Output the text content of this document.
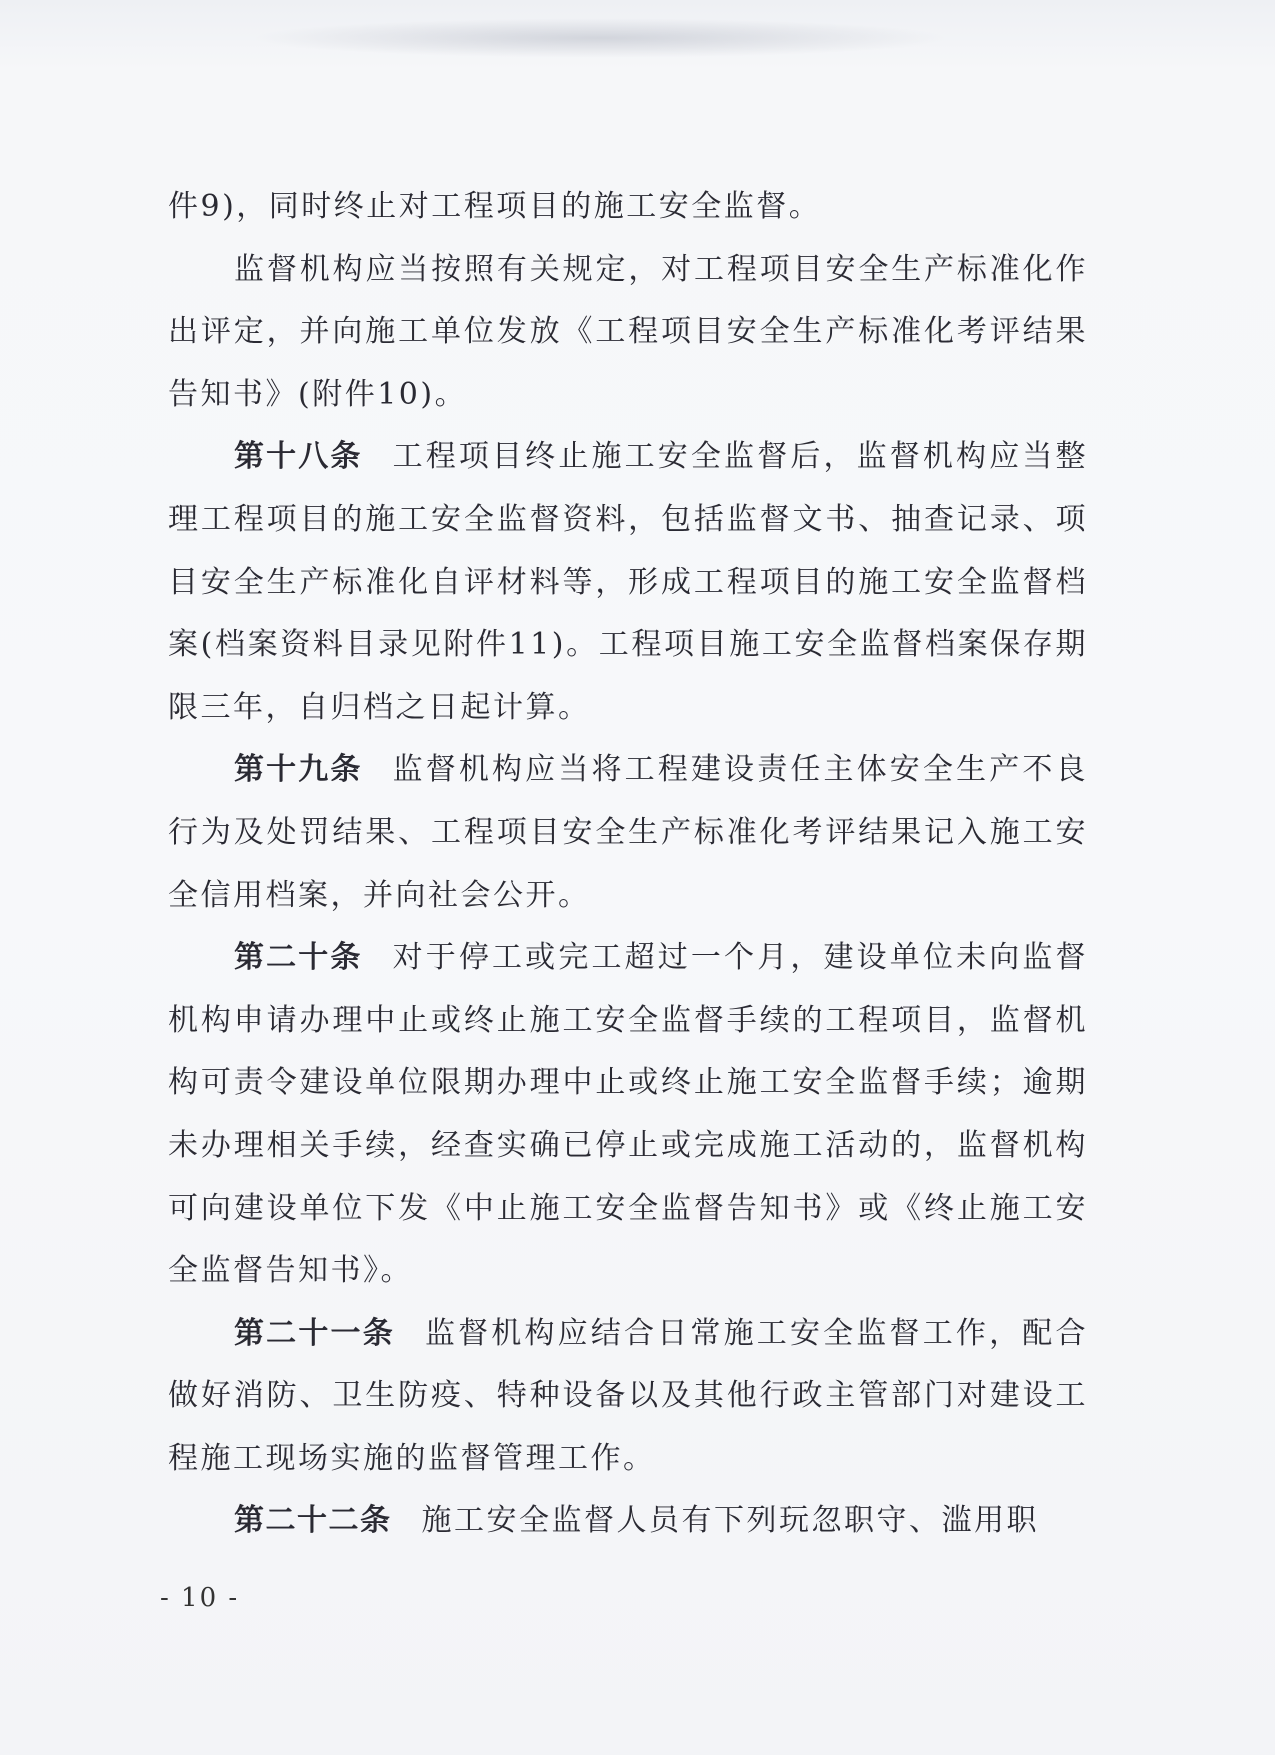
件9)，同时终止对工程项目的施工安全监督。

监督机构应当按照有关规定，对工程项目安全生产标准化作出评定，并向施工单位发放《工程项目安全生产标准化考评结果告知书》(附件10)。

第十八条 工程项目终止施工安全监督后，监督机构应当整理工程项目的施工安全监督资料，包括监督文书、抽查记录、项目安全生产标准化自评材料等，形成工程项目的施工安全监督档案(档案资料目录见附件11)。工程项目施工安全监督档案保存期限三年，自归档之日起计算。

第十九条 监督机构应当将工程建设责任主体安全生产不良行为及处罚结果、工程项目安全生产标准化考评结果记入施工安全信用档案，并向社会公开。

第二十条 对于停工或完工超过一个月，建设单位未向监督机构申请办理中止或终止施工安全监督手续的工程项目，监督机构可责令建设单位限期办理中止或终止施工安全监督手续；逾期未办理相关手续，经查实确已停止或完成施工活动的，监督机构可向建设单位下发《中止施工安全监督告知书》或《终止施工安全监督告知书》。

第二十一条 监督机构应结合日常施工安全监督工作，配合做好消防、卫生防疫、特种设备以及其他行政主管部门对建设工程施工现场实施的监督管理工作。

第二十二条 施工安全监督人员有下列玩忽职守、滥用职

- 10 -
